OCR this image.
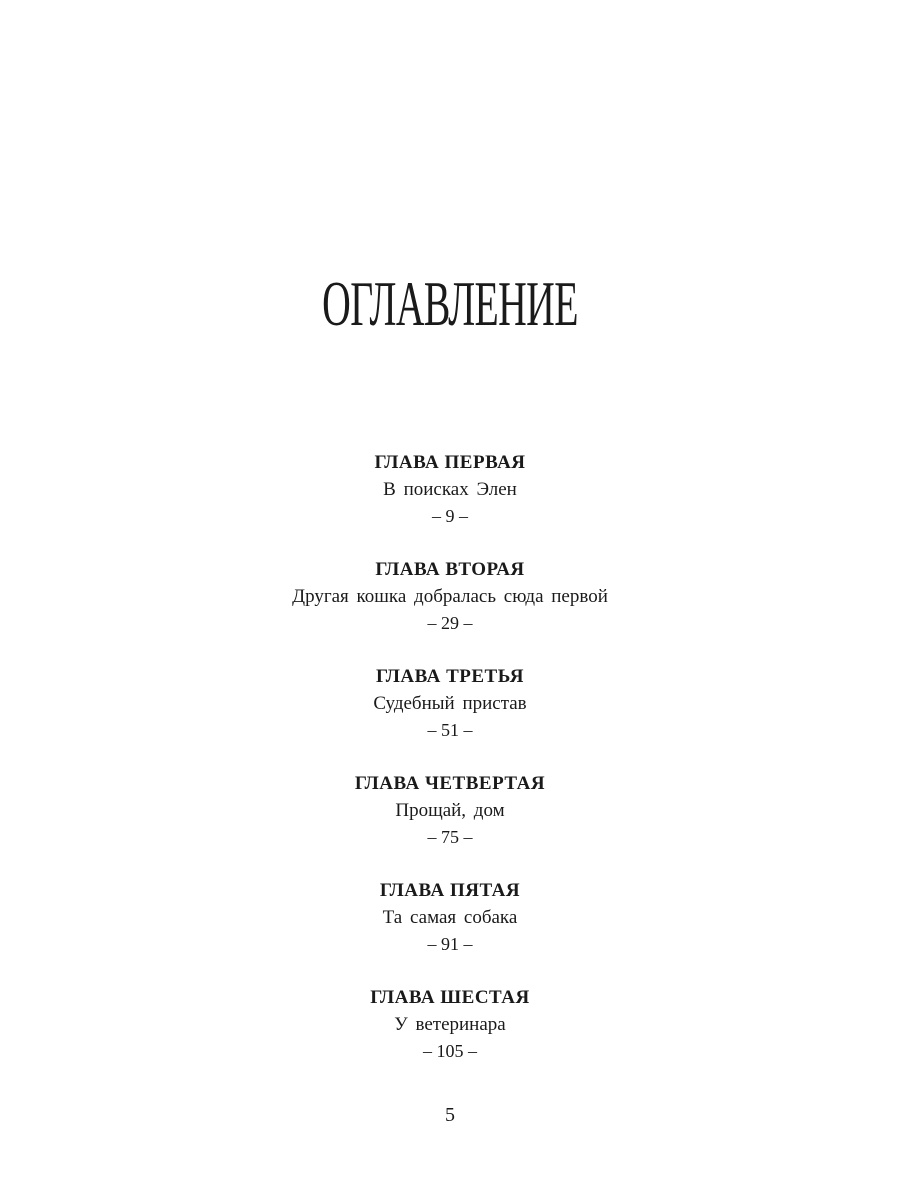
ОГЛАВЛЕНИЕ
ГЛАВА ПЕРВАЯ
В поисках Элен
– 9 –
ГЛАВА ВТОРАЯ
Другая кошка добралась сюда первой
– 29 –
ГЛАВА ТРЕТЬЯ
Судебный пристав
– 51 –
ГЛАВА ЧЕТВЕРТАЯ
Прощай, дом
– 75 –
ГЛАВА ПЯТАЯ
Та самая собака
– 91 –
ГЛАВА ШЕСТАЯ
У ветеринара
– 105 –
5
